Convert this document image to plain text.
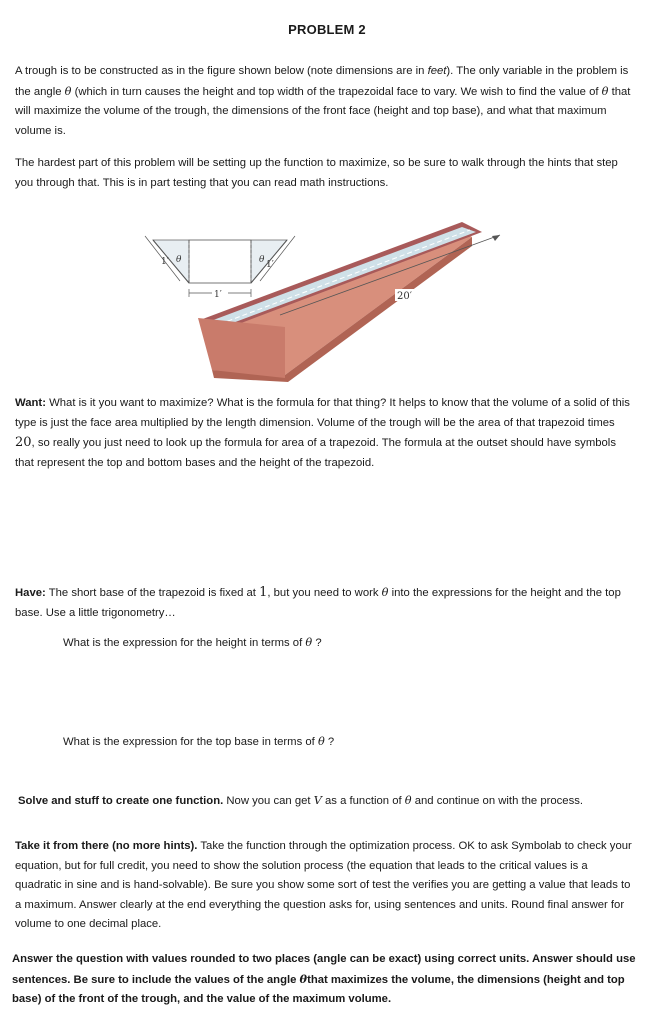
PROBLEM 2
A trough is to be constructed as in the figure shown below (note dimensions are in feet). The only variable in the problem is the angle θ (which in turn causes the height and top width of the trapezoidal face to vary. We wish to find the value of θ that will maximize the volume of the trough, the dimensions of the front face (height and top base), and what that maximum volume is.
The hardest part of this problem will be setting up the function to maximize, so be sure to walk through the hints that step you through that. This is in part testing that you can read math instructions.
20′
1′ θ	θ 1′
1′
Want: What is it you want to maximize? What is the formula for that thing? It helps to know that the volume of a solid of this type is just the face area multiplied by the length dimension. Volume of the trough will be the area of that trapezoid times 20, so really you just need to look up the formula for area of a trapezoid. The formula at the outset should have symbols that represent the top and bottom bases and the height of the trapezoid.
Have: The short base of the trapezoid is fixed at 1, but you need to work θ into the expressions for the height and the top base. Use a little trigonometry…
What is the expression for the height in terms of θ ?
What is the expression for the top base in terms of θ ?
Solve and stuff to create one function. Now you can get V as a function of θ and continue on with the process.
Take it from there (no more hints). Take the function through the optimization process. OK to ask Symbolab to check your equation, but for full credit, you need to show the solution process (the equation that leads to the critical values is a quadratic in sine and is hand-solvable). Be sure you show some sort of test the verifies you are getting a value that leads to a maximum. Answer clearly at the end everything the question asks for, using sentences and units. Round final answer for volume to one decimal place.
Answer the question with values rounded to two places (angle can be exact) using correct units. Answer should use sentences. Be sure to include the values of the angle θthat maximizes the volume, the dimensions (height and top base) of the front of the trough, and the value of the maximum volume.
